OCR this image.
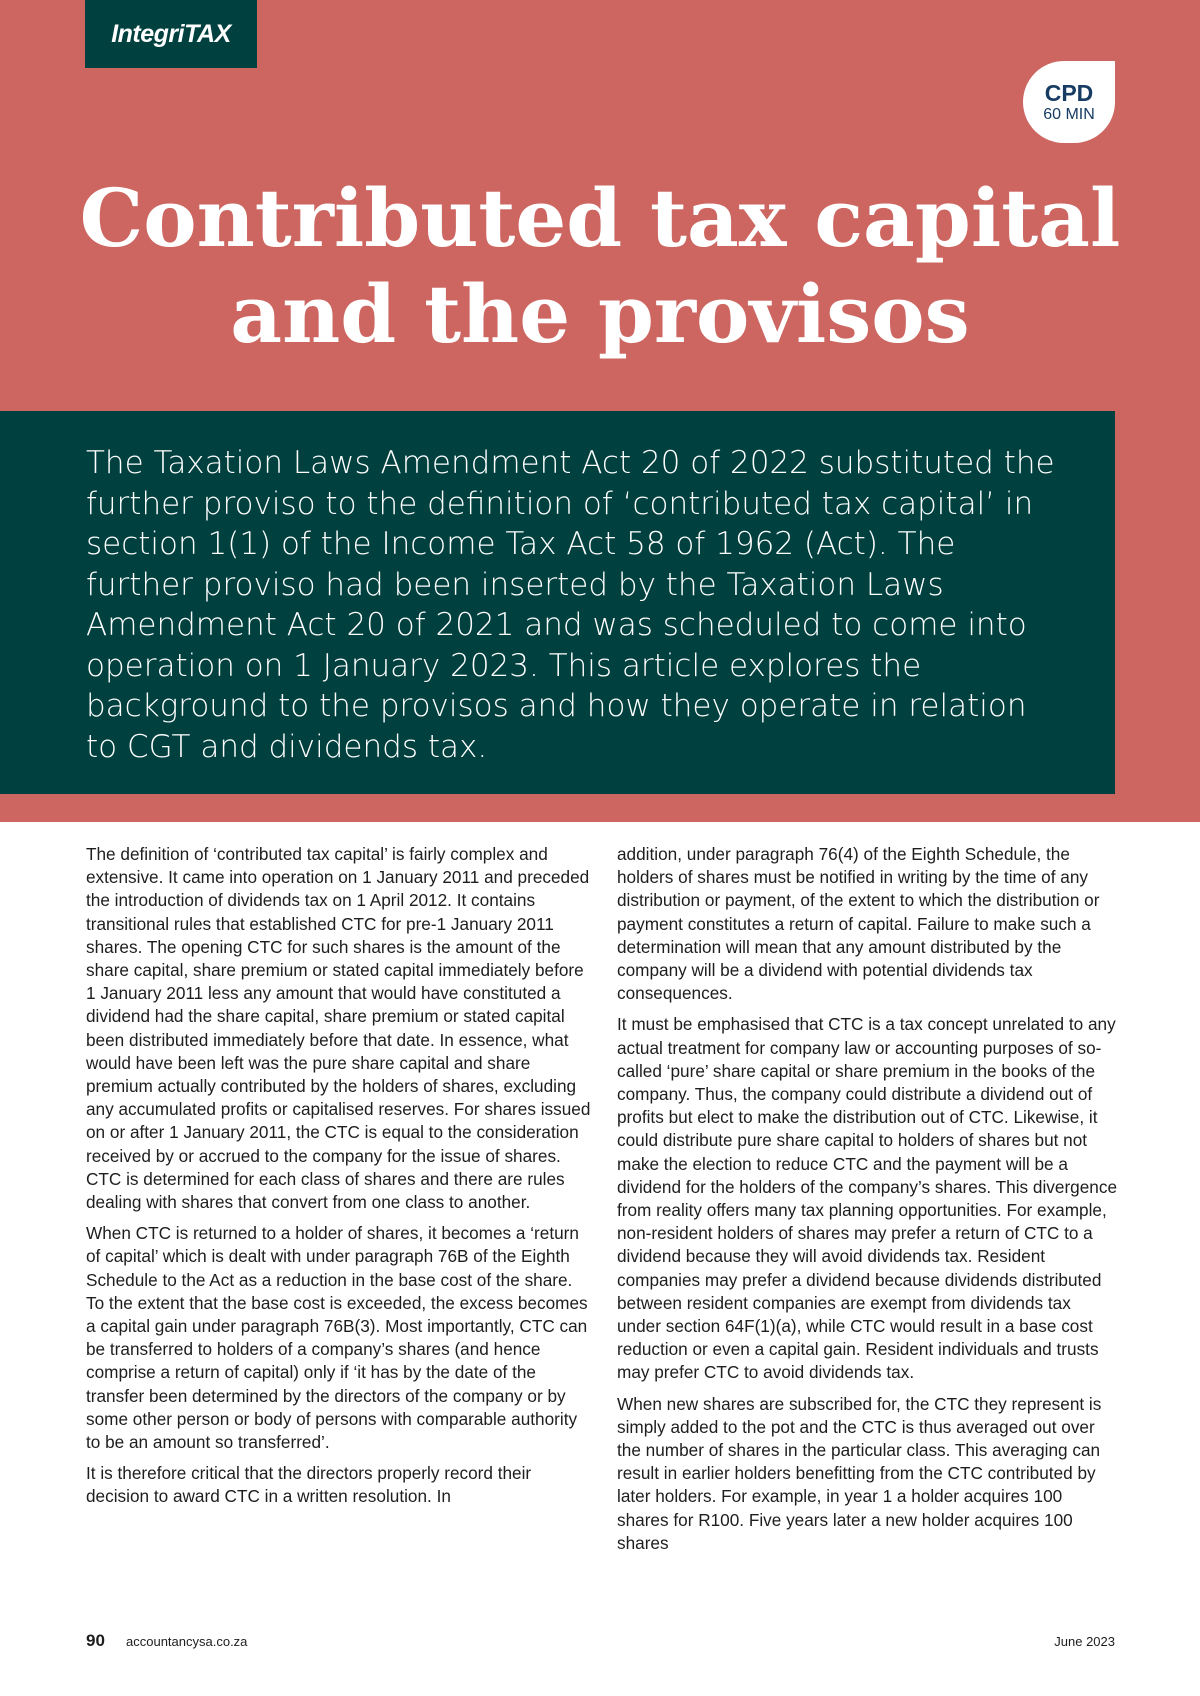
IntegriTAX
CPD
60 MIN
Contributed tax capital
and the provisos

The Taxation Laws Amendment Act 20 of 2022 substituted the further proviso to the definition of ‘contributed tax capital’ in section 1(1) of the Income Tax Act 58 of 1962 (Act). The further proviso had been inserted by the Taxation Laws Amendment Act 20 of 2021 and was scheduled to come into operation on 1 January 2023. This article explores the background to the provisos and how they operate in relation to CGT and dividends tax.

The definition of ‘contributed tax capital’ is fairly complex and extensive. It came into operation on 1 January 2011 and preceded the introduction of dividends tax on 1 April 2012. It contains transitional rules that established CTC for pre-1 January 2011 shares. The opening CTC for such shares is the amount of the share capital, share premium or stated capital immediately before 1 January 2011 less any amount that would have constituted a dividend had the share capital, share premium or stated capital been distributed immediately before that date. In essence, what would have been left was the pure share capital and share premium actually contributed by the holders of shares, excluding any accumulated profits or capitalised reserves. For shares issued on or after 1 January 2011, the CTC is equal to the consideration received by or accrued to the company for the issue of shares. CTC is determined for each class of shares and there are rules dealing with shares that convert from one class to another.

When CTC is returned to a holder of shares, it becomes a ‘return of capital’ which is dealt with under paragraph 76B of the Eighth Schedule to the Act as a reduction in the base cost of the share. To the extent that the base cost is exceeded, the excess becomes a capital gain under paragraph 76B(3). Most importantly, CTC can be transferred to holders of a company’s shares (and hence comprise a return of capital) only if ‘it has by the date of the transfer been determined by the directors of the company or by some other person or body of persons with comparable authority to be an amount so transferred’.

It is therefore critical that the directors properly record their decision to award CTC in a written resolution. In

addition, under paragraph 76(4) of the Eighth Schedule, the holders of shares must be notified in writing by the time of any distribution or payment, of the extent to which the distribution or payment constitutes a return of capital. Failure to make such a determination will mean that any amount distributed by the company will be a dividend with potential dividends tax consequences.

It must be emphasised that CTC is a tax concept unrelated to any actual treatment for company law or accounting purposes of so-called ‘pure’ share capital or share premium in the books of the company. Thus, the company could distribute a dividend out of profits but elect to make the distribution out of CTC. Likewise, it could distribute pure share capital to holders of shares but not make the election to reduce CTC and the payment will be a dividend for the holders of the company’s shares. This divergence from reality offers many tax planning opportunities. For example, non-resident holders of shares may prefer a return of CTC to a dividend because they will avoid dividends tax. Resident companies may prefer a dividend because dividends distributed between resident companies are exempt from dividends tax under section 64F(1)(a), while CTC would result in a base cost reduction or even a capital gain. Resident individuals and trusts may prefer CTC to avoid dividends tax.

When new shares are subscribed for, the CTC they represent is simply added to the pot and the CTC is thus averaged out over the number of shares in the particular class. This averaging can result in earlier holders benefitting from the CTC contributed by later holders. For example, in year 1 a holder acquires 100 shares for R100. Five years later a new holder acquires 100 shares

90 accountancysa.co.za	June 2023
